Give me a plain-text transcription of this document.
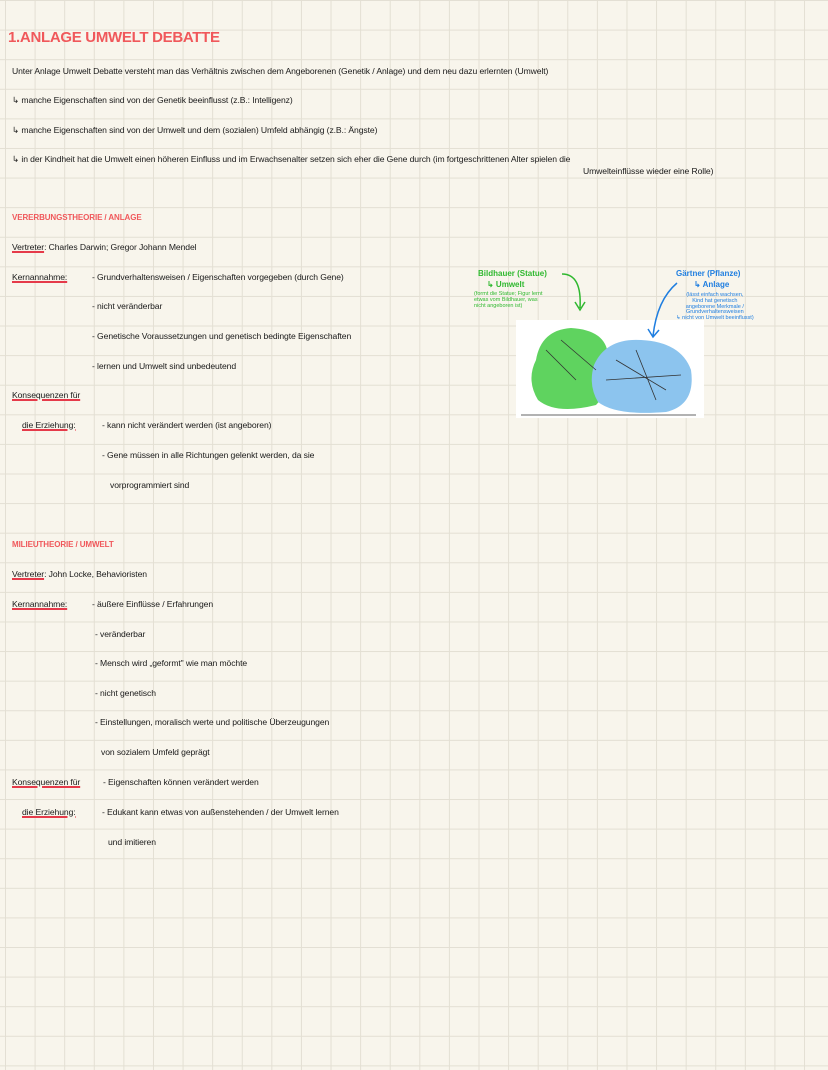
1.ANLAGE UMWELT DEBATTE
Unter Anlage Umwelt Debatte versteht man das Verhältnis zwischen dem Angeborenen (Genetik / Anlage) und dem neu dazu erlernten (Umwelt)
↳ manche Eigenschaften sind von der Genetik beeinflusst (z.B.: Intelligenz)
↳ manche Eigenschaften sind von der Umwelt und dem (sozialen) Umfeld abhängig (z.B.: Ängste)
↳ in der Kindheit hat die Umwelt einen höheren Einfluss und im Erwachsenalter setzen sich eher die Gene durch (im fortgeschrittenen Alter spielen die
Umwelteinflüsse wieder eine Rolle)
VERERBUNGSTHEORIE / ANLAGE
Vertreter: Charles Darwin; Gregor Johann Mendel
Kernannahme:	- Grundverhaltensweisen / Eigenschaften vorgegeben (durch Gene)
- nicht veränderbar
- Genetische Voraussetzungen und genetisch bedingte Eigenschaften
- lernen und Umwelt sind unbedeutend
Konsequenzen für
die Erziehung:	- kann nicht verändert werden (ist angeboren)
- Gene müssen in alle Richtungen gelenkt werden, da sie
vorprogrammiert sind
MILIEUTHEORIE / UMWELT
Vertreter: John Locke, Behavioristen
Kernannahme:	- äußere Einflüsse / Erfahrungen
- veränderbar
- Mensch wird „geformt" wie man möchte
- nicht genetisch
- Einstellungen, moralisch werte und politische Überzeugungen
von sozialem Umfeld geprägt
Konsequenzen für	- Eigenschaften können verändert werden
die Erziehung:	- Edukant kann etwas von außenstehenden / der Umwelt lernen
und imitieren
Bildhauer (Statue)
↳ Umwelt
(formt die Statue; Figur lernt
etwas vom Bildhauer, was
nicht angeboren ist)
Gärtner (Pflanze)
↳ Anlage
(lässt einfach wachsen,
Kind hat genetisch
angeborene Merkmale /
Grundverhaltensweisen
↳ nicht von Umwelt beeinflusst)
